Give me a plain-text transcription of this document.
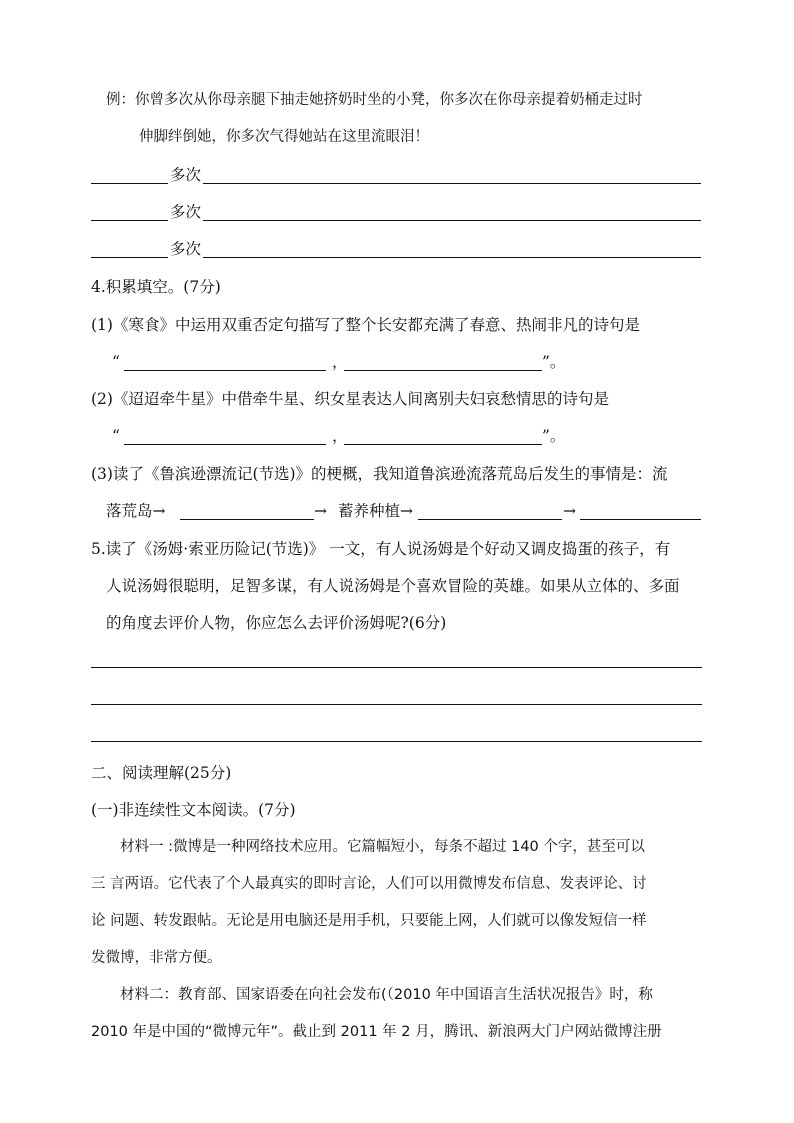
例：你曾多次从你母亲腿下抽走她挤奶时坐的小凳，你多次在你母亲提着奶桶走过时
伸脚绊倒她，你多次气得她站在这里流眼泪！
多次
多次
多次
4.积累填空。(7分)
(1)《寒食》中运用双重否定句描写了整个长安都充满了春意、热闹非凡的诗句是
“	，	”。
(2)《迢迢牵牛星》中借牵牛星、织女星表达人间离别夫妇哀愁情思的诗句是
“	，	”。
(3)读了《鲁滨逊漂流记(节选)》的梗概，我知道鲁滨逊流落荒岛后发生的事情是：流
落荒岛→	→ 蓄养种植→	→
5.读了《汤姆·索亚历险记(节选)》 一文，有人说汤姆是个好动又调皮捣蛋的孩子，有
人说汤姆很聪明，足智多谋，有人说汤姆是个喜欢冒险的英雄。如果从立体的、多面
的角度去评价人物，你应怎么去评价汤姆呢?(6分)
二、阅读理解(25分)
(一)非连续性文本阅读。(7分)
材料一 :微博是一种网络技术应用。它篇幅短小，每条不超过 140 个字，甚至可以
三 言两语。它代表了个人最真实的即时言论，人们可以用微博发布信息、发表评论、讨
论 问题、转发跟帖。无论是用电脑还是用手机，只要能上网，人们就可以像发短信一样
发微博，非常方便。
材料二：教育部、国家语委在向社会发布(（2010 年中国语言生活状况报告》时，称
2010 年是中国的“微博元年”。截止到 2011 年 2 月，腾讯、新浪两大门户网站微博注册
